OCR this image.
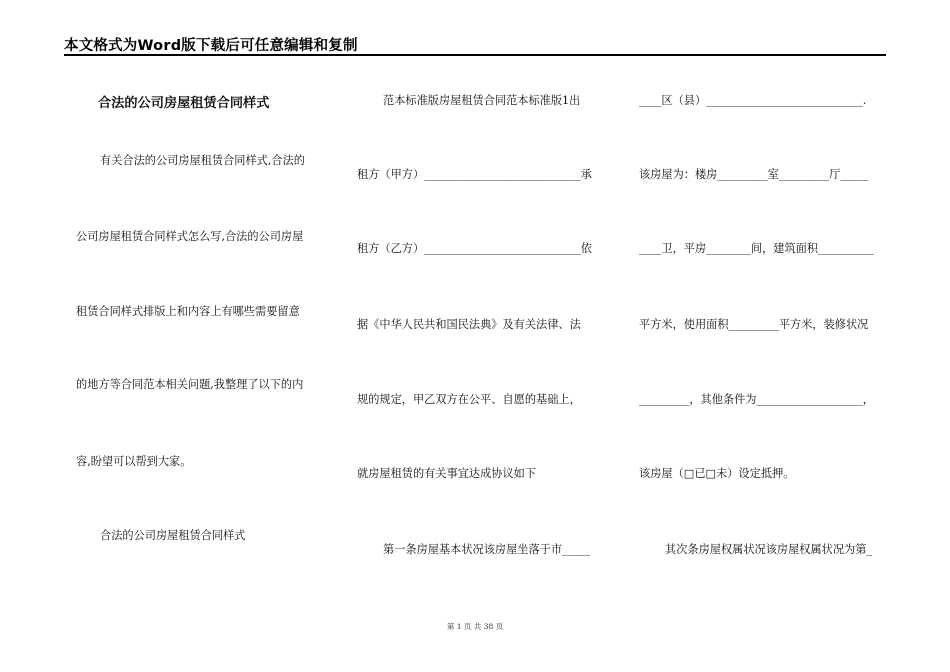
本文格式为Word版下载后可任意编辑和复制
合法的公司房屋租赁合同样式
有关合法的公司房屋租赁合同样式,合法的
公司房屋租赁合同样式怎么写,合法的公司房屋
租赁合同样式排版上和内容上有哪些需要留意
的地方等合同范本相关问题,我整理了以下的内
容,盼望可以帮到大家。
合法的公司房屋租赁合同样式
范本标准版房屋租赁合同范本标准版1出
租方（甲方）____________________________承
租方（乙方）____________________________依
据《中华人民共和国民法典》及有关法律、法
规的规定，甲乙双方在公平、自愿的基础上，
就房屋租赁的有关事宜达成协议如下
第一条房屋基本状况该房屋坐落于市_____
____区（县）____________________________.
该房屋为：楼房_________室_________厅_____
____卫，平房________间，建筑面积__________
平方米，使用面积_________平方米，装修状况
_________，其他条件为___________________，
该房屋（□已□未）设定抵押。
其次条房屋权属状况该房屋权属状况为第_
第 1 页 共 38 页
